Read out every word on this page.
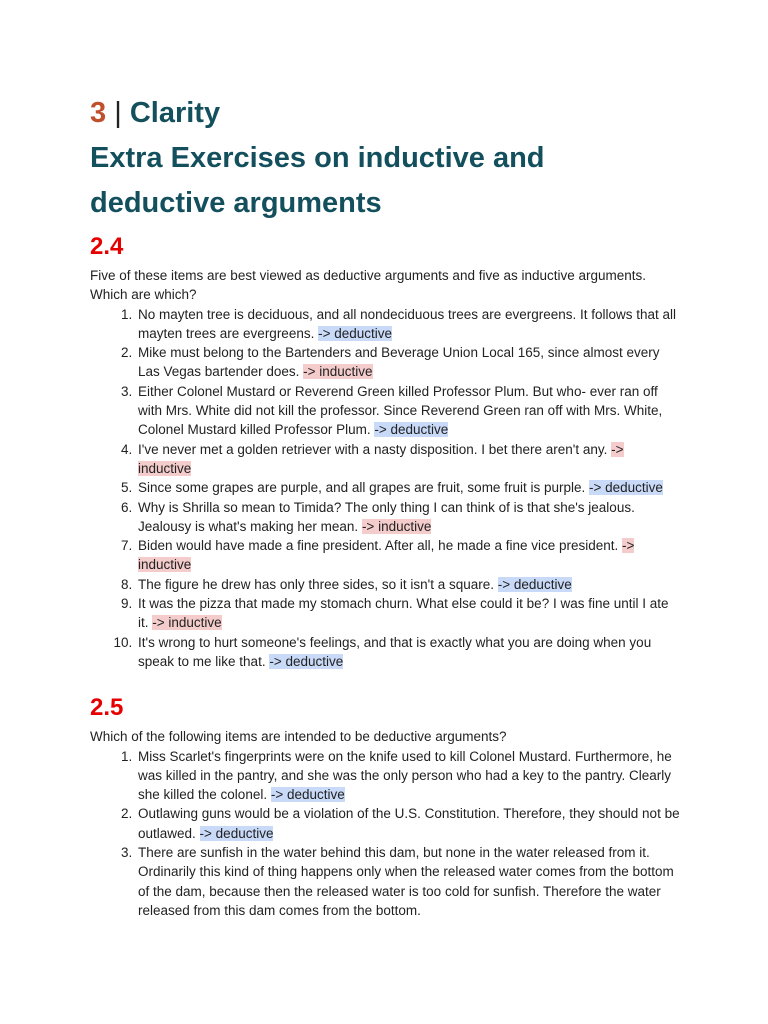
3 | Clarity
Extra Exercises on inductive and deductive arguments
2.4

Five of these items are best viewed as deductive arguments and five as inductive arguments. Which are which?

1. No mayten tree is deciduous, and all nondeciduous trees are evergreens. It follows that all mayten trees are evergreens. -> deductive
2. Mike must belong to the Bartenders and Beverage Union Local 165, since almost every Las Vegas bartender does. -> inductive
3. Either Colonel Mustard or Reverend Green killed Professor Plum. But who- ever ran off with Mrs. White did not kill the professor. Since Reverend Green ran off with Mrs. White, Colonel Mustard killed Professor Plum. -> deductive
4. I've never met a golden retriever with a nasty disposition. I bet there aren't any. -> inductive
5. Since some grapes are purple, and all grapes are fruit, some fruit is purple. -> deductive
6. Why is Shrilla so mean to Timida? The only thing I can think of is that she's jealous. Jealousy is what's making her mean. -> inductive
7. Biden would have made a fine president. After all, he made a fine vice president. -> inductive
8. The figure he drew has only three sides, so it isn't a square. -> deductive
9. It was the pizza that made my stomach churn. What else could it be? I was fine until I ate it. -> inductive
10. It's wrong to hurt someone's feelings, and that is exactly what you are doing when you speak to me like that. -> deductive
2.5

Which of the following items are intended to be deductive arguments?

1. Miss Scarlet's fingerprints were on the knife used to kill Colonel Mustard. Furthermore, he was killed in the pantry, and she was the only person who had a key to the pantry. Clearly she killed the colonel. -> deductive
2. Outlawing guns would be a violation of the U.S. Constitution. Therefore, they should not be outlawed. -> deductive
3. There are sunfish in the water behind this dam, but none in the water released from it. Ordinarily this kind of thing happens only when the released water comes from the bottom of the dam, because then the released water is too cold for sunfish. Therefore the water released from this dam comes from the bottom.
